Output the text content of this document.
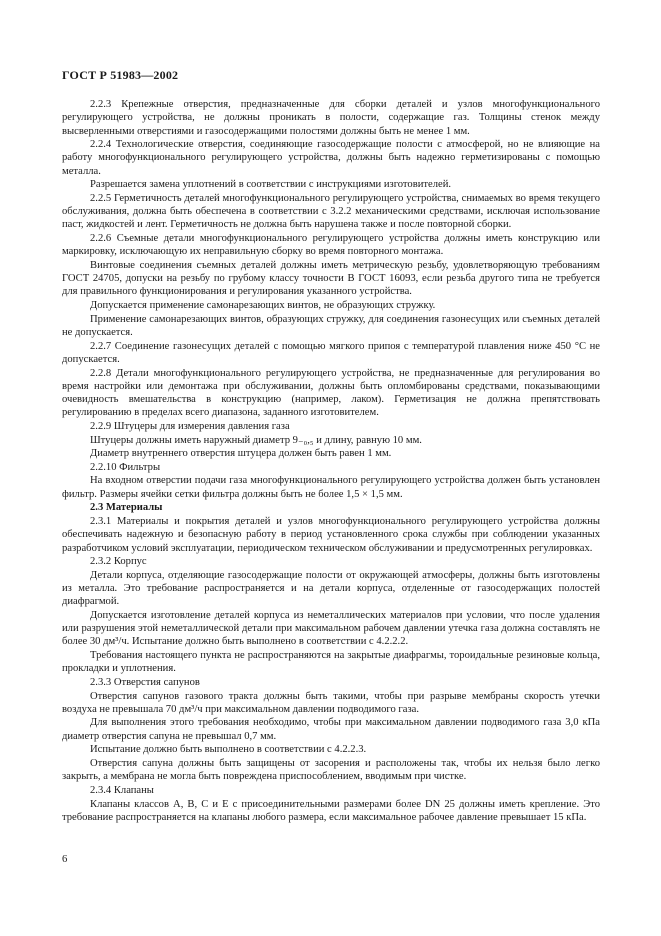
ГОСТ Р 51983—2002

2.2.3 Крепежные отверстия, предназначенные для сборки деталей и узлов многофункционального регулирующего устройства, не должны проникать в полости, содержащие газ. Толщины стенок между высверленными отверстиями и газосодержащими полостями должны быть не менее 1 мм.

2.2.4 Технологические отверстия, соединяющие газосодержащие полости с атмосферой, но не влияющие на работу многофункционального регулирующего устройства, должны быть надежно герметизированы с помощью металла.

Разрешается замена уплотнений в соответствии с инструкциями изготовителей.

2.2.5 Герметичность деталей многофункционального регулирующего устройства, снимаемых во время текущего обслуживания, должна быть обеспечена в соответствии с 3.2.2 механическими средствами, исключая использование паст, жидкостей и лент. Герметичность не должна быть нарушена также и после повторной сборки.

2.2.6 Съемные детали многофункционального регулирующего устройства должны иметь конструкцию или маркировку, исключающую их неправильную сборку во время повторного монтажа.

Винтовые соединения съемных деталей должны иметь метрическую резьбу, удовлетворяющую требованиям ГОСТ 24705, допуски на резьбу по грубому классу точности В ГОСТ 16093, если резьба другого типа не требуется для правильного функционирования и регулирования указанного устройства.

Допускается применение самонарезающих винтов, не образующих стружку.

Применение самонарезающих винтов, образующих стружку, для соединения газонесущих или съемных деталей не допускается.

2.2.7 Соединение газонесущих деталей с помощью мягкого припоя с температурой плавления ниже 450 °С не допускается.

2.2.8 Детали многофункционального регулирующего устройства, не предназначенные для регулирования во время настройки или демонтажа при обслуживании, должны быть опломбированы средствами, показывающими очевидность вмешательства в конструкцию (например, лаком). Герметизация не должна препятствовать регулированию в пределах всего диапазона, заданного изготовителем.

2.2.9 Штуцеры для измерения давления газа

Штуцеры должны иметь наружный диаметр 9₋₀,₅ и длину, равную 10 мм.

Диаметр внутреннего отверстия штуцера должен быть равен 1 мм.

2.2.10 Фильтры

На входном отверстии подачи газа многофункционального регулирующего устройства должен быть установлен фильтр. Размеры ячейки сетки фильтра должны быть не более 1,5 × 1,5 мм.

2.3 Материалы

2.3.1 Материалы и покрытия деталей и узлов многофункционального регулирующего устройства должны обеспечивать надежную и безопасную работу в период установленного срока службы при соблюдении указанных разработчиком условий эксплуатации, периодическом техническом обслуживании и предусмотренных регулировках.

2.3.2 Корпус

Детали корпуса, отделяющие газосодержащие полости от окружающей атмосферы, должны быть изготовлены из металла. Это требование распространяется и на детали корпуса, отделенные от газосодержащих полостей диафрагмой.

Допускается изготовление деталей корпуса из неметаллических материалов при условии, что после удаления или разрушения этой неметаллической детали при максимальном рабочем давлении утечка газа должна составлять не более 30 дм³/ч. Испытание должно быть выполнено в соответствии с 4.2.2.2.

Требования настоящего пункта не распространяются на закрытые диафрагмы, тороидальные резиновые кольца, прокладки и уплотнения.

2.3.3 Отверстия сапунов

Отверстия сапунов газового тракта должны быть такими, чтобы при разрыве мембраны скорость утечки воздуха не превышала 70 дм³/ч при максимальном давлении подводимого газа.

Для выполнения этого требования необходимо, чтобы при максимальном давлении подводимого газа 3,0 кПа диаметр отверстия сапуна не превышал 0,7 мм.

Испытание должно быть выполнено в соответствии с 4.2.2.3.

Отверстия сапуна должны быть защищены от засорения и расположены так, чтобы их нельзя было легко закрыть, а мембрана не могла быть повреждена приспособлением, вводимым при чистке.

2.3.4 Клапаны

Клапаны классов А, В, С и Е с присоединительными размерами более DN 25 должны иметь крепление. Это требование распространяется на клапаны любого размера, если максимальное рабочее давление превышает 15 кПа.

6
